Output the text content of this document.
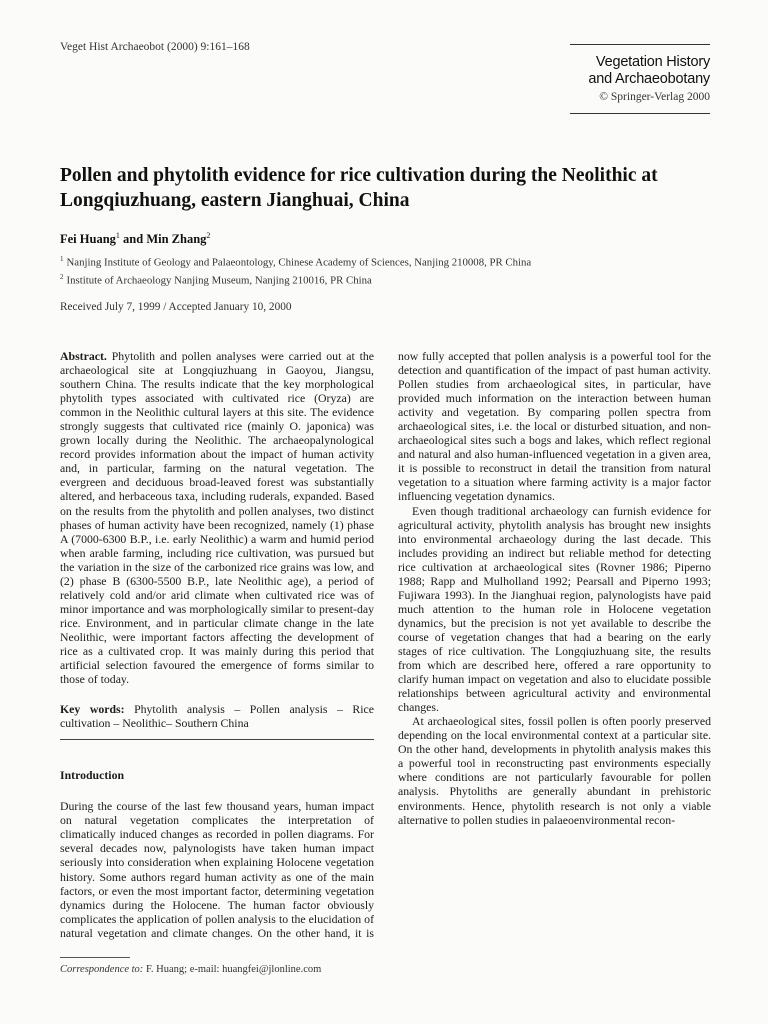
Veget Hist Archaeobot (2000) 9:161–168
Vegetation History
and Archaeobotany
© Springer-Verlag 2000
Pollen and phytolith evidence for rice cultivation during the Neolithic at Longqiuzhuang, eastern Jianghuai, China
Fei Huang$^1$ and Min Zhang$^2$
$^1$ Nanjing Institute of Geology and Palaeontology, Chinese Academy of Sciences, Nanjing 210008, PR China
$^2$ Institute of Archaeology Nanjing Museum, Nanjing 210016, PR China
Received July 7, 1999 / Accepted January 10, 2000

Abstract. Phytolith and pollen analyses were carried out at the archaeological site at Longqiuzhuang in Gaoyou, Jiangsu, southern China. The results indicate that the key morphological phytolith types associated with cultivated rice (Oryza) are common in the Neolithic cultural layers at this site. The evidence strongly suggests that cultivated rice (mainly O. japonica) was grown locally during the Neolithic. The archaeopalynological record provides information about the impact of human activity and, in particular, farming on the natural vegetation. The evergreen and deciduous broad-leaved forest was substantially altered, and herbaceous taxa, including ruderals, expanded. Based on the results from the phytolith and pollen analyses, two distinct phases of human activity have been recognized, namely (1) phase A (7000-6300 B.P., i.e. early Neolithic) a warm and humid period when arable farming, including rice cultivation, was pursued but the variation in the size of the carbonized rice grains was low, and (2) phase B (6300-5500 B.P., late Neolithic age), a period of relatively cold and/or arid climate when cultivated rice was of minor importance and was morphologically similar to present-day rice. Environment, and in particular climate change in the late Neolithic, were important factors affecting the development of rice as a cultivated crop. It was mainly during this period that artificial selection favoured the emergence of forms similar to those of today.

Key words: Phytolith analysis – Pollen analysis – Rice cultivation – Neolithic– Southern China

Introduction

During the course of the last few thousand years, human impact on natural vegetation complicates the interpretation of climatically induced changes as recorded in pollen diagrams. For several decades now, palynologists have taken human impact seriously into consideration when explaining Holocene vegetation history. Some authors regard human activity as one of the main factors, or even the most important factor, determining vegetation dynamics during the Holocene. The human factor obviously complicates the application of pollen analysis to the elucidation of natural vegetation and climate changes. On the other hand, it is

now fully accepted that pollen analysis is a powerful tool for the detection and quantification of the impact of past human activity. Pollen studies from archaeological sites, in particular, have provided much information on the interaction between human activity and vegetation. By comparing pollen spectra from archaeological sites, i.e. the local or disturbed situation, and non-archaeological sites such a bogs and lakes, which reflect regional and natural and also human-influenced vegetation in a given area, it is possible to reconstruct in detail the transition from natural vegetation to a situation where farming activity is a major factor influencing vegetation dynamics.

Even though traditional archaeology can furnish evidence for agricultural activity, phytolith analysis has brought new insights into environmental archaeology during the last decade. This includes providing an indirect but reliable method for detecting rice cultivation at archaeological sites (Rovner 1986; Piperno 1988; Rapp and Mulholland 1992; Pearsall and Piperno 1993; Fujiwara 1993). In the Jianghuai region, palynologists have paid much attention to the human role in Holocene vegetation dynamics, but the precision is not yet available to describe the course of vegetation changes that had a bearing on the early stages of rice cultivation. The Longqiuzhuang site, the results from which are described here, offered a rare opportunity to clarify human impact on vegetation and also to elucidate possible relationships between agricultural activity and environmental changes.

At archaeological sites, fossil pollen is often poorly preserved depending on the local environmental context at a particular site. On the other hand, developments in phytolith analysis makes this a powerful tool in reconstructing past environments especially where conditions are not particularly favourable for pollen analysis. Phytoliths are generally abundant in prehistoric environments. Hence, phytolith research is not only a viable alternative to pollen studies in palaeoenvironmental recon-

Correspondence to: F. Huang; e-mail: huangfei@jlonline.com
